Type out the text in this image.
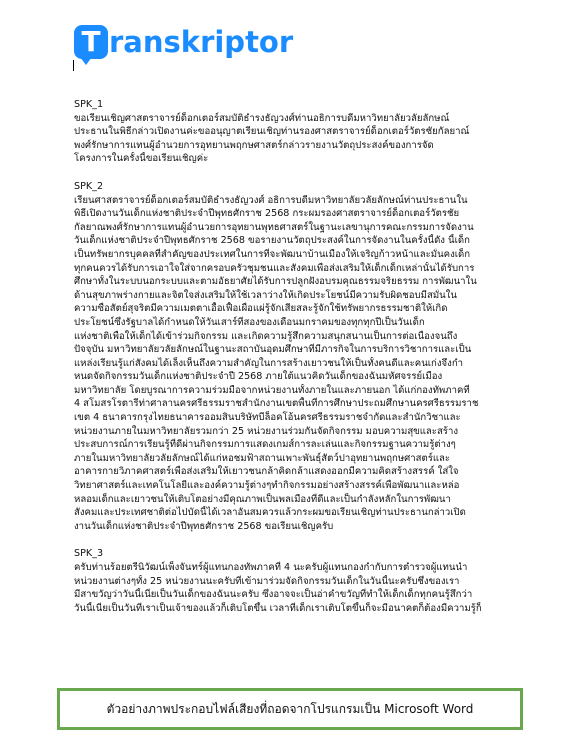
T ranskriptor

SPK_1

ขอเรียนเชิญศาสตราจารย์ด็อกเตอร์สมบัติธำรงธัญวงศ์ท่านอธิการบดีมหาวิทยาลัยวลัยลักษณ์
ประธานในพิธีกล่าวเปิดงานค่ะขออนุญาตเรียนเชิญท่านรองศาสตราจารย์ด็อกเตอร์วัตรชัยกัลยาณ์
พงศ์รักษาการแทนผู้อำนวยการอุทยานพฤกษศาสตร์กล่าวรายงานวัตถุประสงค์ของการจัด
โครงการในครั้งนี้ขอเรียนเชิญค่ะ

SPK_2

เรียนศาสตราจารย์ด็อกเตอร์สมบัติธำรงธัญวงศ์ อธิการบดีมหาวิทยาลัยวลัยลักษณ์ท่านประธานใน
พิธีเปิดงานวันเด็กแห่งชาติประจำปีพุทธศักราช 2568 กระผมรองศาสตราจารย์ด็อกเตอร์วัตรชัย
กัลยาณพงศ์รักษาการแทนผู้อำนวยการอุทยานพุทธศาสตร์ในฐานะเลขานุการคณะกรรมการจัดงาน
วันเด็กแห่งชาติประจำปีพุทธศักราช 2568 ขอรายงานวัตถุประสงค์ในการจัดงานในครั้งนี้ดัง นี้เด็ก
เป็นทรัพยากรบุคคลที่สำคัญของประเทศในการที่จะพัฒนาบ้านเมืองให้เจริญก้าวหน้าและมั่นคงเด็ก
ทุกคนควรได้รับการเอาใจใส่จากครอบครัวชุมชนและสังคมเพื่อส่งเสริมให้เด็กเด็กเหล่านั้นได้รับการ
ศึกษาทั้งในระบบนอกระบบและตามอัธยาศัยได้รับการปลูกฝังอบรมคุณธรรมจริยธรรม การพัฒนาใน
ด้านสุขภาพร่างกายและจิตใจส่งเสริมให้ใช้เวลาว่างให้เกิดประโยชน์มีความรับผิดชอบมีสมั่นใน
ความซื่อสัตย์สุจริตมีความเมตตาเอื้อเฟื้อเผื่อแผ่รู้จักเสียสละรู้จักใช้ทรัพยากรธรรมชาติให้เกิด
ประโยชน์ซึ่งรัฐบาลได้กำหนดให้วันเสาร์ที่สองของเดือนมกราคมของทุกทุกปีเป็นวันเด็ก
แห่งชาติเพื่อให้เด็กได้เข้าร่วมกิจกรรม และเกิดความรู้สึกความสนุกสนานเป็นการต่อเนื่องจนถึง
ปัจจุบัน มหาวิทยาลัยวลัยลักษณ์ในฐานะสถาบันอุดมศึกษาที่มีภารกิจในการบริการวิชาการและเป็น
แหล่งเรียนรู้แก่สังคมได้เล็งเห็นถึงความสำคัญในการสร้างเยาวชนให้เป็นทั้งคนดีและคนเก่งจึงกำ
หนดจัดกิจกรรมวันเด็กแห่งชาติประจำปี 2568 ภายใต้แนวคิดวันเด็กของฉันมหัศจรรย์เมือง
มหาวิทยาลัย โดยบูรณาการความร่วมมือจากหน่วยงานทั้งภายในและภายนอก ได้แก่กองทัพภาคที่
4 สโมสรโรตารีท่าศาลานครศรีธรรมราชสำนักงานเขตพื้นที่การศึกษาประถมศึกษานครศรีธรรมราช
เขต 4 ธนาคารกรุงไทยธนาคารออมสินบริษัทบีล็อคโอ้นครศรีธรรมราชจำกัดและสำนักวิชาและ
หน่วยงานภายในมหาวิทยาลัยรวมกว่า 25 หน่วยงานร่วมกันจัดกิจกรรม มอบความสุขและสร้าง
ประสบการณ์การเรียนรู้ที่ดีผ่านกิจกรรมการแสดงเกมส์การละเล่นและกิจกรรมฐานความรู้ต่างๆ
ภายในมหาวิทยาลัยวลัยลักษณ์ได้แก่หอชมฟ้าสถานเพาะพันธุ์สัตว์ปาอุทยานพฤกษศาสตร์และ
อาคารกายวิภาคศาสตร์เพื่อส่งเสริมให้เยาวชนกล้าคิดกล้าแสดงออกมีความคิดสร้างสรรค์ ใส่ใจ
วิทยาศาสตร์และเทคโนโลยีและองค์ความรู้ต่างๆทำกิจกรรมอย่างสร้างสรรค์เพื่อพัฒนาและหล่อ
หลอมเด็กและเยาวชนให้เติบโตอย่างมีคุณภาพเป็นพลเมืองที่ดีและเป็นกำลังหลักในการพัฒนา
สังคมและประเทศชาติต่อไปบัดนี้ได้เวลาอันสมควรแล้วกระผมขอเรียนเชิญท่านประธานกล่าวเปิด
งานวันเด็กแห่งชาติประจำปีพุทธศักราช 2568 ขอเรียนเชิญครับ

SPK_3

ครับท่านร้อยตรีนิวัฒน์เพ็งจันทร์ผู้แทนกองทัพภาคที่ 4 นะครับผู้แทนกองกำกับการตำรวจผู้แทนนำ
หน่วยงานต่างๆทั้ง 25 หน่วยงานนะครับที่เข้ามาร่วมจัดกิจกรรมวันเด็กในวันนี้นะครับชึ่งของเรา
มีสาขวัญว่าวันนี้เนี่ยเป็นวันเด็กของฉันนะครับ ซึ่งอาจจะเป็นอ่าคำขวัญที่ทำให้เด็กเด็กทุกคนรู้สึกว่า
วันนี้เนี่ยเป็นวันที่เราเป็นเจ้าของแล้วก็เติบโตขึ้น เวลาที่เด็กเราเติบโตขึ้นก็จะมีอนาคตก็ต้องมีความรู้ก็

ตัวอย่างภาพประกอบไฟล์เสียงที่ถอดจากโปรแกรมเป็น Microsoft Word
